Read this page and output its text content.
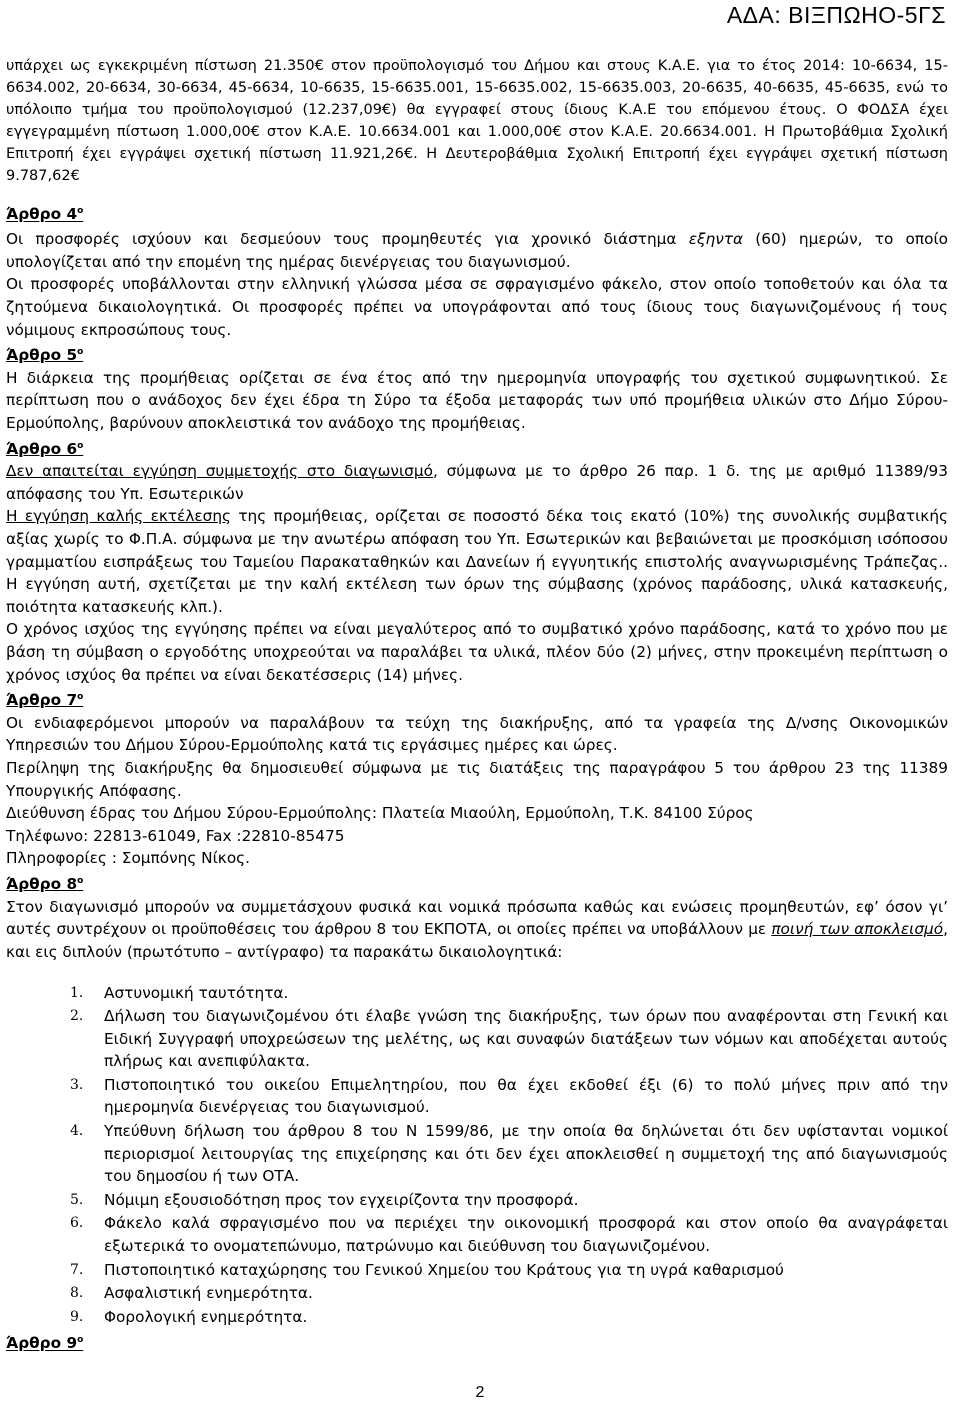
ΑΔΑ: ΒΙΞΠΩΗΟ-5ΓΣ

υπάρχει ως εγκεκριμένη πίστωση 21.350€ στον προϋπολογισμό του Δήμου και στους Κ.Α.Ε. για το έτος 2014: 10-6634, 15- 6634.002, 20-6634, 30-6634, 45-6634, 10-6635, 15-6635.001, 15-6635.002, 15-6635.003, 20-6635, 40-6635, 45-6635, ενώ το υπόλοιπο τμήμα του προϋπολογισμού (12.237,09€) θα εγγραφεί στους ίδιους Κ.Α.Ε του επόμενου έτους. Ο ΦΟΔΣΑ έχει εγγεγραμμένη πίστωση 1.000,00€ στον Κ.Α.Ε. 10.6634.001 και 1.000,00€ στον Κ.Α.Ε. 20.6634.001. Η Πρωτοβάθμια Σχολική Επιτροπή έχει εγγράψει σχετική πίστωση 11.921,26€. Η Δευτεροβάθμια Σχολική Επιτροπή έχει εγγράψει σχετική πίστωση 9.787,62€

Άρθρο $4^o$

Οι προσφορές ισχύουν και δεσμεύουν τους προμηθευτές για χρονικό διάστημα εξηντα (60) ημερών, το οποίο υπολογίζεται από την επομένη της ημέρας διενέργειας του διαγωνισμού.

Οι προσφορές υποβάλλονται στην ελληνική γλώσσα μέσα σε σφραγισμένο φάκελο, στον οποίο τοποθετούν και όλα τα ζητούμενα δικαιολογητικά. Οι προσφορές πρέπει να υπογράφονται από τους ίδιους τους διαγωνιζομένους ή τους νόμιμους εκπροσώπους τους.

Άρθρο $5^o$

Η διάρκεια της προμήθειας ορίζεται σε ένα έτος από την ημερομηνία υπογραφής του σχετικού συμφωνητικού. Σε περίπτωση που ο ανάδοχος δεν έχει έδρα τη Σύρο τα έξοδα μεταφοράς των υπό προμήθεια υλικών στο Δήμο Σύρου-Ερμούπολης, βαρύνουν αποκλειστικά τον ανάδοχο της προμήθειας.

Άρθρο $6^o$

Δεν απαιτείται εγγύηση συμμετοχής στο διαγωνισμό, σύμφωνα με το άρθρο 26 παρ. 1 δ. της με αριθμό 11389/93 απόφασης του Υπ. Εσωτερικών

Η εγγύηση καλής εκτέλεσης της προμήθειας, ορίζεται σε ποσοστό δέκα τοις εκατό (10%) της συνολικής συμβατικής αξίας χωρίς το Φ.Π.Α. σύμφωνα με την ανωτέρω απόφαση του Υπ. Εσωτερικών και βεβαιώνεται με προσκόμιση ισόποσου γραμματίου εισπράξεως του Ταμείου Παρακαταθηκών και Δανείων ή εγγυητικής επιστολής αναγνωρισμένης Τράπεζας.. Η εγγύηση αυτή, σχετίζεται με την καλή εκτέλεση των όρων της σύμβασης (χρόνος παράδοσης, υλικά κατασκευής, ποιότητα κατασκευής κλπ.).

Ο χρόνος ισχύος της εγγύησης πρέπει να είναι μεγαλύτερος από το συμβατικό χρόνο παράδοσης, κατά το χρόνο που με βάση τη σύμβαση ο εργοδότης υποχρεούται να παραλάβει τα υλικά, πλέον δύο (2) μήνες, στην προκειμένη περίπτωση ο χρόνος ισχύος θα πρέπει να είναι δεκατέσσερις (14) μήνες.

Άρθρο $7^o$

Οι ενδιαφερόμενοι μπορούν να παραλάβουν τα τεύχη της διακήρυξης, από τα γραφεία της Δ/νσης Οικονομικών Υπηρεσιών του Δήμου Σύρου-Ερμούπολης κατά τις εργάσιμες ημέρες και ώρες.

Περίληψη της διακήρυξης θα δημοσιευθεί σύμφωνα με τις διατάξεις της παραγράφου 5 του άρθρου 23 της 11389 Υπουργικής Απόφασης.

Διεύθυνση έδρας του Δήμου Σύρου-Ερμούπολης: Πλατεία Μιαούλη, Ερμούπολη, Τ.Κ. 84100 Σύρος

Τηλέφωνο: 22813-61049, Fax :22810-85475

Πληροφορίες : Σομπόνης Νίκος.

Άρθρο $8^o$

Στον διαγωνισμό μπορούν να συμμετάσχουν φυσικά και νομικά πρόσωπα καθώς και ενώσεις προμηθευτών, εφ’ όσον γι’ αυτές συντρέχουν οι προϋποθέσεις του άρθρου 8 του ΕΚΠΟΤΑ, οι οποίες πρέπει να υποβάλλουν με ποινή των αποκλεισμό, και εις διπλούν (πρωτότυπο – αντίγραφο) τα παρακάτω δικαιολογητικά:

1. Αστυνομική ταυτότητα.
2. Δήλωση του διαγωνιζομένου ότι έλαβε γνώση της διακήρυξης, των όρων που αναφέρονται στη Γενική και Ειδική Συγγραφή υποχρεώσεων της μελέτης, ως και συναφών διατάξεων των νόμων και αποδέχεται αυτούς πλήρως και ανεπιφύλακτα.
3. Πιστοποιητικό του οικείου Επιμελητηρίου, που θα έχει εκδοθεί έξι (6) το πολύ μήνες πριν από την ημερομηνία διενέργειας του διαγωνισμού.
4. Υπεύθυνη δήλωση του άρθρου 8 του Ν 1599/86, με την οποία θα δηλώνεται ότι δεν υφίστανται νομικοί περιορισμοί λειτουργίας της επιχείρησης και ότι δεν έχει αποκλεισθεί η συμμετοχή της από διαγωνισμούς του δημοσίου ή των ΟΤΑ.
5. Νόμιμη εξουσιοδότηση προς τον εγχειρίζοντα την προσφορά.
6. Φάκελο καλά σφραγισμένο που να περιέχει την οικονομική προσφορά και στον οποίο θα αναγράφεται εξωτερικά το ονοματεπώνυμο, πατρώνυμο και διεύθυνση του διαγωνιζομένου.
7. Πιστοποιητικό καταχώρησης του Γενικού Χημείου του Κράτους για τη υγρά καθαρισμού
8. Ασφαλιστική ενημερότητα.
9. Φορολογική ενημερότητα.
Άρθρο $9^o$
2
